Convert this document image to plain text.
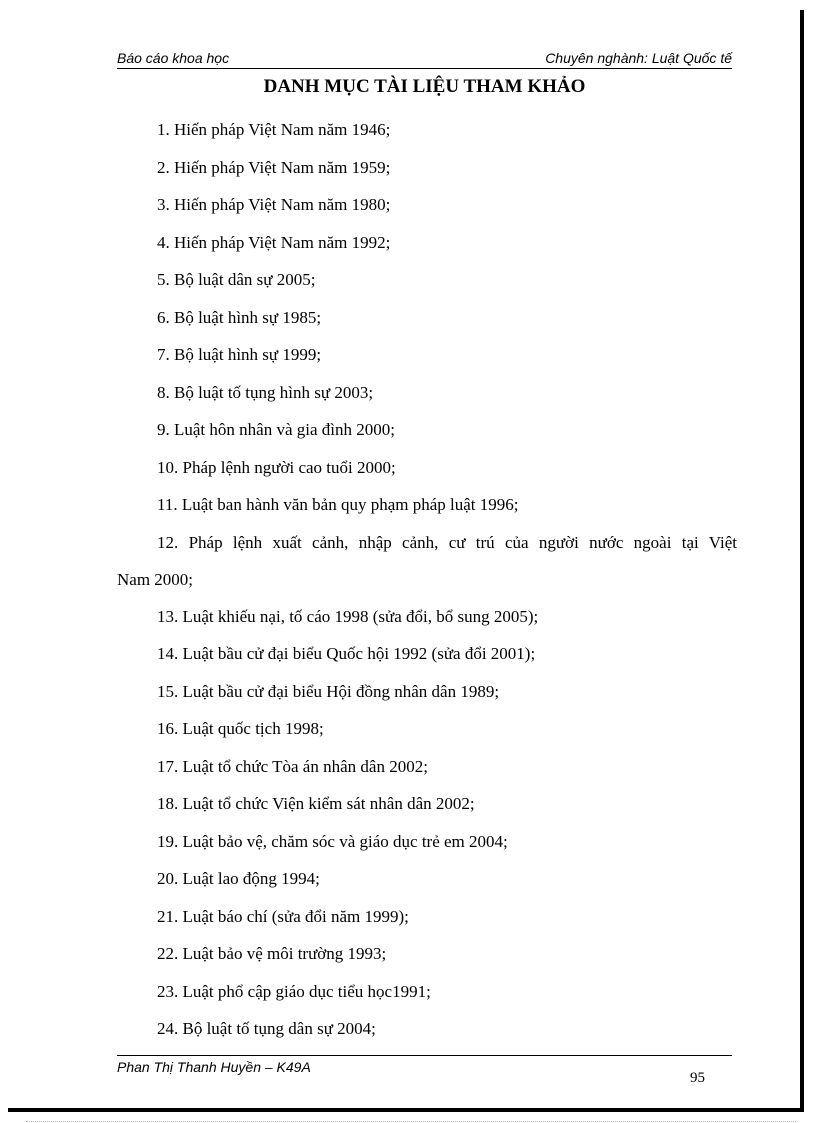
Báo cáo khoa học	Chuyên nghành: Luật Quốc tế
DANH MỤC TÀI LIỆU THAM KHẢO
1. Hiến pháp Việt Nam năm 1946;
2. Hiến pháp Việt Nam năm 1959;
3. Hiến pháp Việt Nam năm 1980;
4. Hiến pháp Việt Nam năm 1992;
5. Bộ luật dân sự 2005;
6. Bộ luật hình sự 1985;
7. Bộ luật hình sự 1999;
8. Bộ luật tố tụng hình sự 2003;
9. Luật hôn nhân và gia đình 2000;
10. Pháp lệnh người cao tuổi 2000;
11. Luật ban hành văn bản quy phạm pháp luật 1996;
12. Pháp lệnh xuất cảnh, nhập cảnh, cư trú của người nước ngoài tại Việt
Nam 2000;
13. Luật khiếu nại, tố cáo 1998 (sửa đổi, bổ sung 2005);
14. Luật bầu cử đại biểu Quốc hội 1992 (sửa đổi 2001);
15. Luật bầu cử đại biểu Hội đồng nhân dân 1989;
16. Luật quốc tịch 1998;
17. Luật tổ chức Tòa án nhân dân 2002;
18. Luật tổ chức Viện kiểm sát nhân dân 2002;
19. Luật bảo vệ, chăm sóc và giáo dục trẻ em 2004;
20. Luật lao động 1994;
21. Luật báo chí (sửa đổi năm 1999);
22. Luật bảo vệ môi trường 1993;
23. Luật phổ cập giáo dục tiểu học1991;
24. Bộ luật tố tụng dân sự 2004;
Phan Thị Thanh Huyền – K49A
95
